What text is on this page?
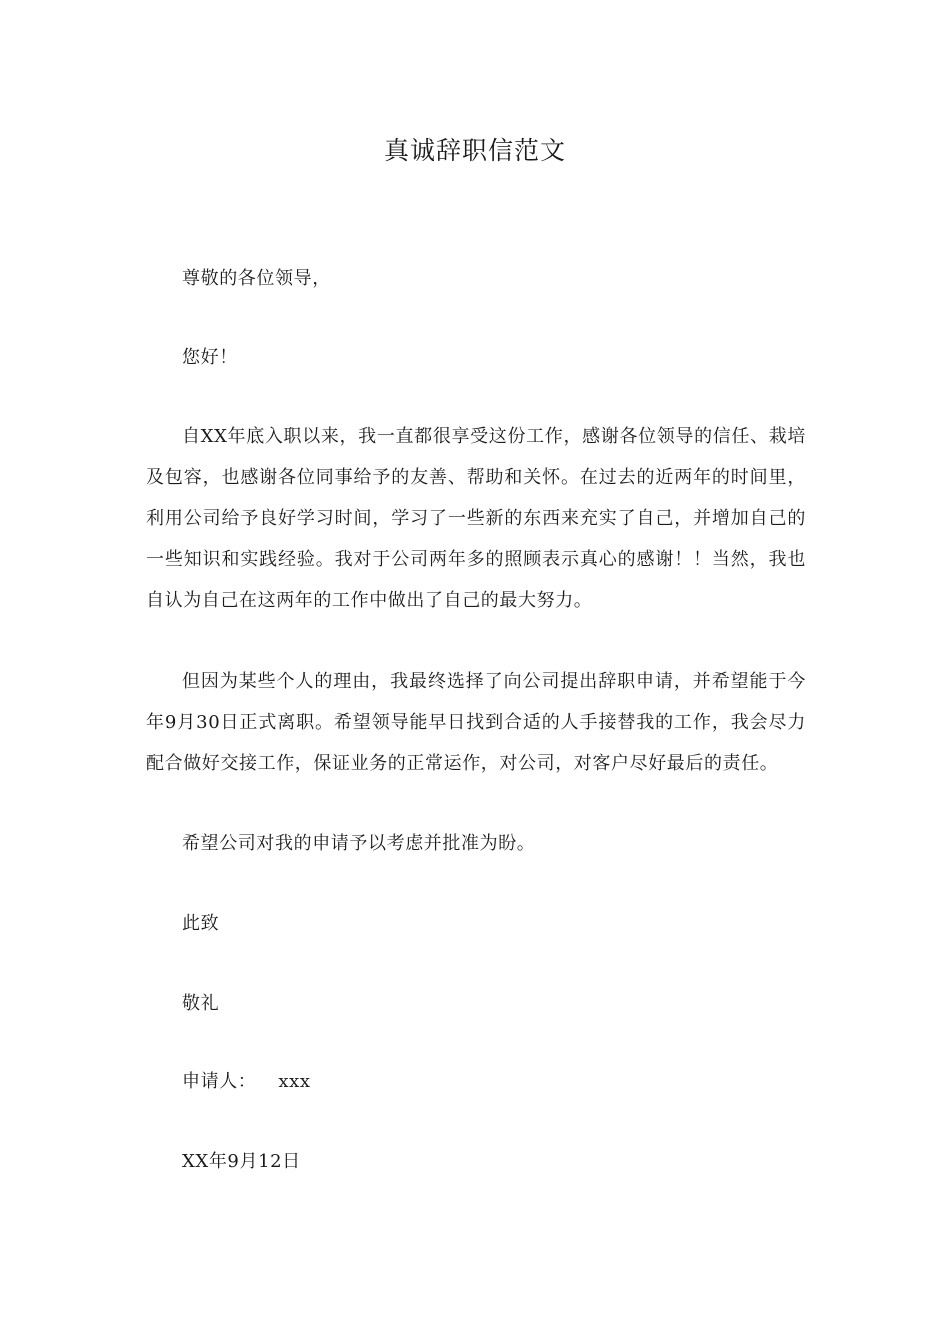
真诚辞职信范文
尊敬的各位领导，
您好！
自XX年底入职以来，我一直都很享受这份工作，感谢各位领导的信任、栽培及包容，也感谢各位同事给予的友善、帮助和关怀。在过去的近两年的时间里，利用公司给予良好学习时间，学习了一些新的东西来充实了自己，并增加自己的一些知识和实践经验。我对于公司两年多的照顾表示真心的感谢！！当然，我也自认为自己在这两年的工作中做出了自己的最大努力。
但因为某些个人的理由，我最终选择了向公司提出辞职申请，并希望能于今年9月30日正式离职。希望领导能早日找到合适的人手接替我的工作，我会尽力配合做好交接工作，保证业务的正常运作，对公司，对客户尽好最后的责任。
希望公司对我的申请予以考虑并批准为盼。
此致
敬礼
申请人： xxx
XX年9月12日
